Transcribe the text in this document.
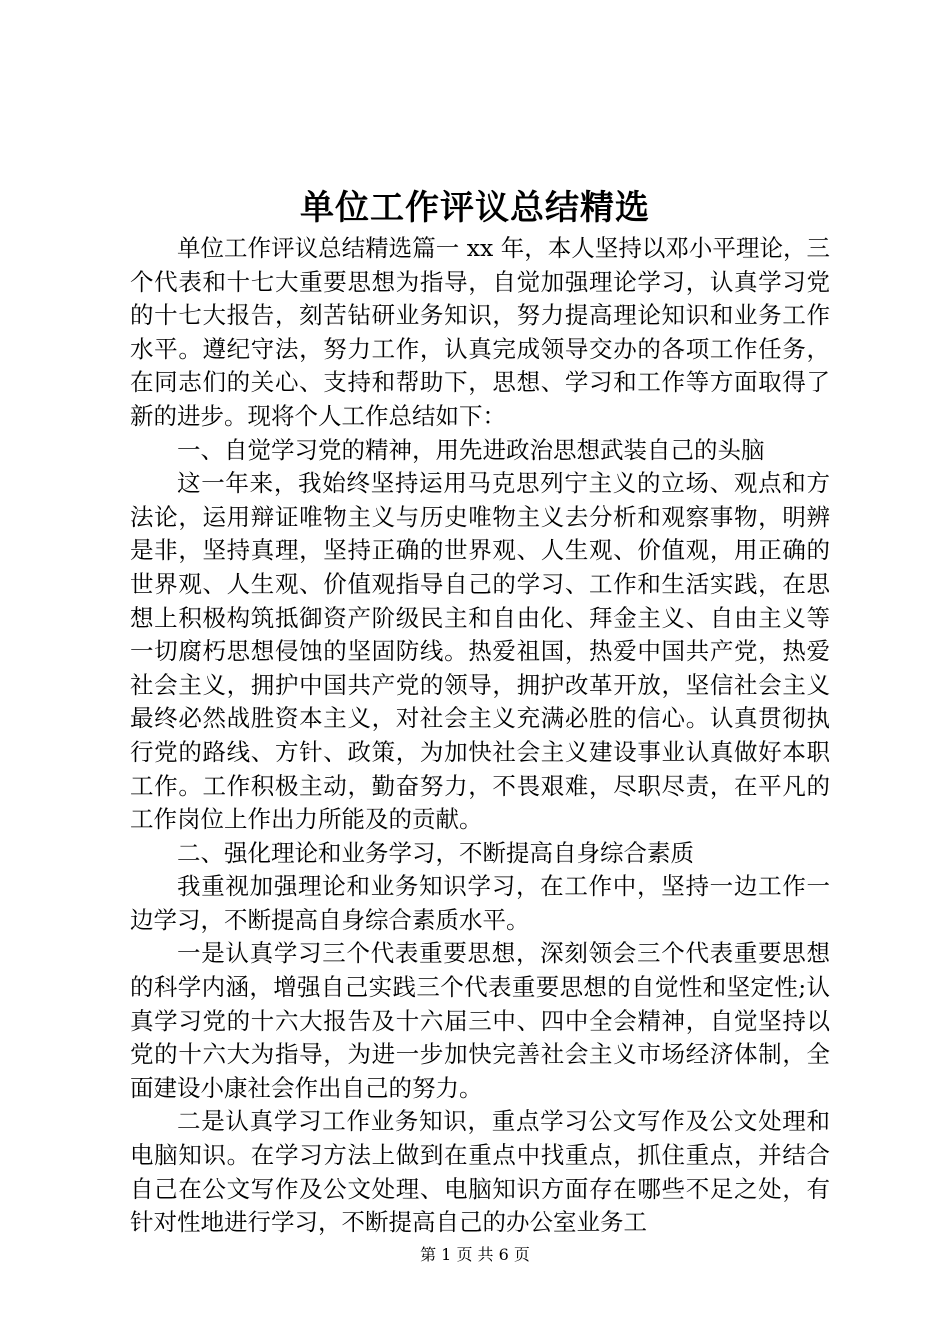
单位工作评议总结精选

单位工作评议总结精选篇一 xx 年，本人坚持以邓小平理论，三个代表和十七大重要思想为指导，自觉加强理论学习，认真学习党的十七大报告，刻苦钻研业务知识，努力提高理论知识和业务工作水平。遵纪守法，努力工作，认真完成领导交办的各项工作任务，在同志们的关心、支持和帮助下，思想、学习和工作等方面取得了新的进步。现将个人工作总结如下：

一、自觉学习党的精神，用先进政治思想武装自己的头脑

这一年来，我始终坚持运用马克思列宁主义的立场、观点和方法论，运用辩证唯物主义与历史唯物主义去分析和观察事物，明辨是非，坚持真理，坚持正确的世界观、人生观、价值观，用正确的世界观、人生观、价值观指导自己的学习、工作和生活实践，在思想上积极构筑抵御资产阶级民主和自由化、拜金主义、自由主义等一切腐朽思想侵蚀的坚固防线。热爱祖国，热爱中国共产党，热爱社会主义，拥护中国共产党的领导，拥护改革开放，坚信社会主义最终必然战胜资本主义，对社会主义充满必胜的信心。认真贯彻执行党的路线、方针、政策，为加快社会主义建设事业认真做好本职工作。工作积极主动，勤奋努力，不畏艰难，尽职尽责，在平凡的工作岗位上作出力所能及的贡献。

二、强化理论和业务学习，不断提高自身综合素质

我重视加强理论和业务知识学习，在工作中，坚持一边工作一边学习，不断提高自身综合素质水平。

一是认真学习三个代表重要思想，深刻领会三个代表重要思想的科学内涵，增强自己实践三个代表重要思想的自觉性和坚定性;认真学习党的十六大报告及十六届三中、四中全会精神，自觉坚持以党的十六大为指导，为进一步加快完善社会主义市场经济体制，全面建设小康社会作出自己的努力。

二是认真学习工作业务知识，重点学习公文写作及公文处理和电脑知识。在学习方法上做到在重点中找重点，抓住重点，并结合自己在公文写作及公文处理、电脑知识方面存在哪些不足之处，有针对性地进行学习，不断提高自己的办公室业务工

第 1 页 共 6 页
